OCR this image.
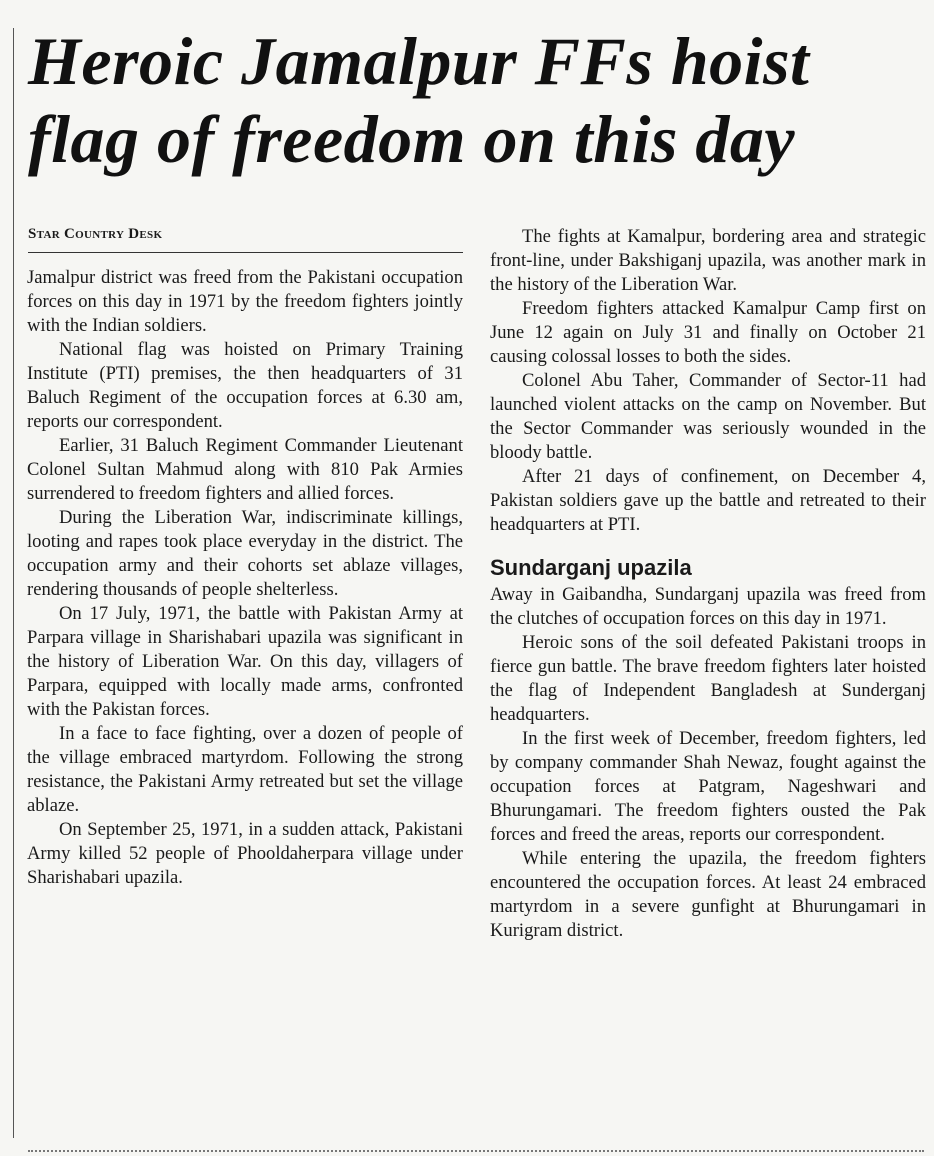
Heroic Jamalpur FFs hoist
flag of freedom on this day
Star Country Desk

Jamalpur district was freed from the Pakistani occupation forces on this day in 1971 by the freedom fighters jointly with the Indian soldiers.

National flag was hoisted on Primary Training Institute (PTI) premises, the then headquarters of 31 Baluch Regiment of the occupation forces at 6.30 am, reports our correspondent.

Earlier, 31 Baluch Regiment Commander Lieutenant Colonel Sultan Mahmud along with 810 Pak Armies surrendered to freedom fighters and allied forces.

During the Liberation War, indiscriminate killings, looting and rapes took place everyday in the district. The occupation army and their cohorts set ablaze villages, rendering thousands of people shelterless.

On 17 July, 1971, the battle with Pakistan Army at Parpara village in Sharishabari upazila was significant in the history of Liberation War. On this day, villagers of Parpara, equipped with locally made arms, confronted with the Pakistan forces.

In a face to face fighting, over a dozen of people of the village embraced martyrdom. Following the strong resistance, the Pakistani Army retreated but set the village ablaze.

On September 25, 1971, in a sudden attack, Pakistani Army killed 52 people of Phooldaherpara village under Sharishabari upazila.

The fights at Kamalpur, bordering area and strategic front-line, under Bakshiganj upazila, was another mark in the history of the Liberation War.

Freedom fighters attacked Kamalpur Camp first on June 12 again on July 31 and finally on October 21 causing colossal losses to both the sides.

Colonel Abu Taher, Commander of Sector-11 had launched violent attacks on the camp on November. But the Sector Commander was seriously wounded in the bloody battle.

After 21 days of confinement, on December 4, Pakistan soldiers gave up the battle and retreated to their headquarters at PTI.

Sundarganj upazila

Away in Gaibandha, Sundarganj upazila was freed from the clutches of occupation forces on this day in 1971.

Heroic sons of the soil defeated Pakistani troops in fierce gun battle. The brave freedom fighters later hoisted the flag of Independent Bangladesh at Sunderganj headquarters.

In the first week of December, freedom fighters, led by company commander Shah Newaz, fought against the occupation forces at Patgram, Nageshwari and Bhurungamari. The freedom fighters ousted the Pak forces and freed the areas, reports our correspondent.

While entering the upazila, the freedom fighters encountered the occupation forces. At least 24 embraced martyrdom in a severe gunfight at Bhurungamari in Kurigram district.
